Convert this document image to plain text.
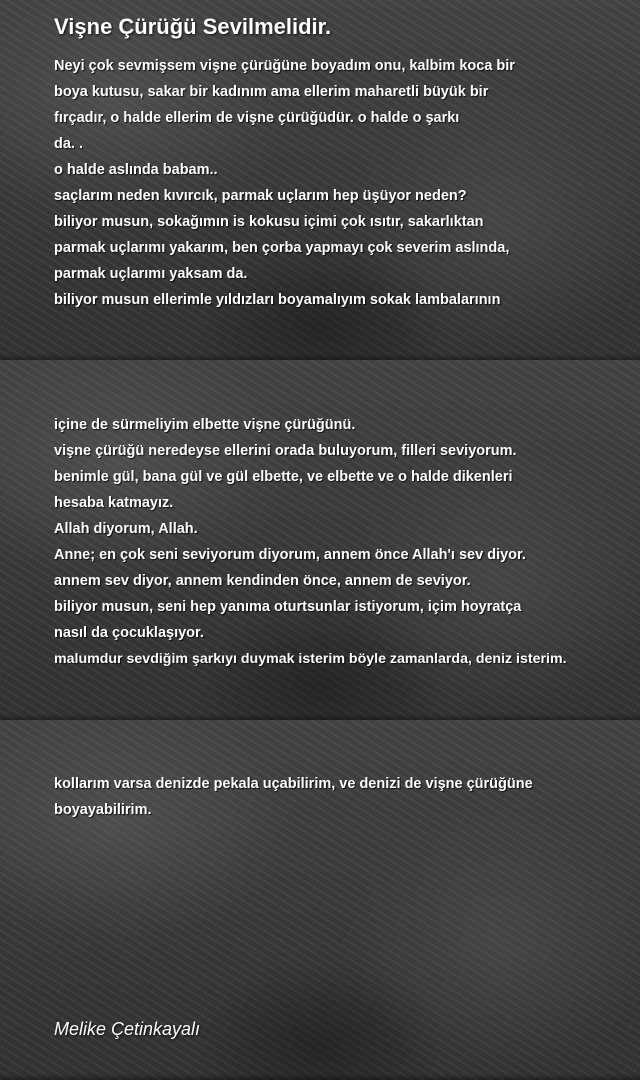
Vişne Çürüğü Sevilmelidir.
Neyi çok sevmişsem vişne çürüğüne boyadım onu, kalbim koca bir
boya kutusu, sakar bir kadınım ama ellerim maharetli büyük bir
fırçadır, o halde ellerim de vişne çürüğüdür. o halde o şarkı
da. .
o halde aslında babam..
saçlarım neden kıvırcık, parmak uçlarım hep üşüyor neden?
biliyor musun, sokağımın is kokusu içimi çok ısıtır, sakarlıktan
parmak uçlarımı yakarım, ben çorba yapmayı çok severim aslında,
parmak uçlarımı yaksam da.
biliyor musun ellerimle yıldızları boyamalıyım sokak lambalarının
içine de sürmeliyim elbette vişne çürüğünü.
vişne çürüğü neredeyse ellerini orada buluyorum, filleri seviyorum.
benimle gül, bana gül ve gül elbette, ve elbette ve o halde dikenleri
hesaba katmayız.
Allah diyorum, Allah.
Anne; en çok seni seviyorum diyorum, annem önce Allah'ı sev diyor.
annem sev diyor, annem kendinden önce, annem de seviyor.
biliyor musun, seni hep yanıma oturtsunlar istiyorum, içim hoyratça
nasıl da çocuklaşıyor.
malumdur sevdiğim şarkıyı duymak isterim böyle zamanlarda, deniz isterim.
kollarım varsa denizde pekala uçabilirim, ve denizi de vişne çürüğüne
boyayabilirim.

Melike Çetinkayalı
